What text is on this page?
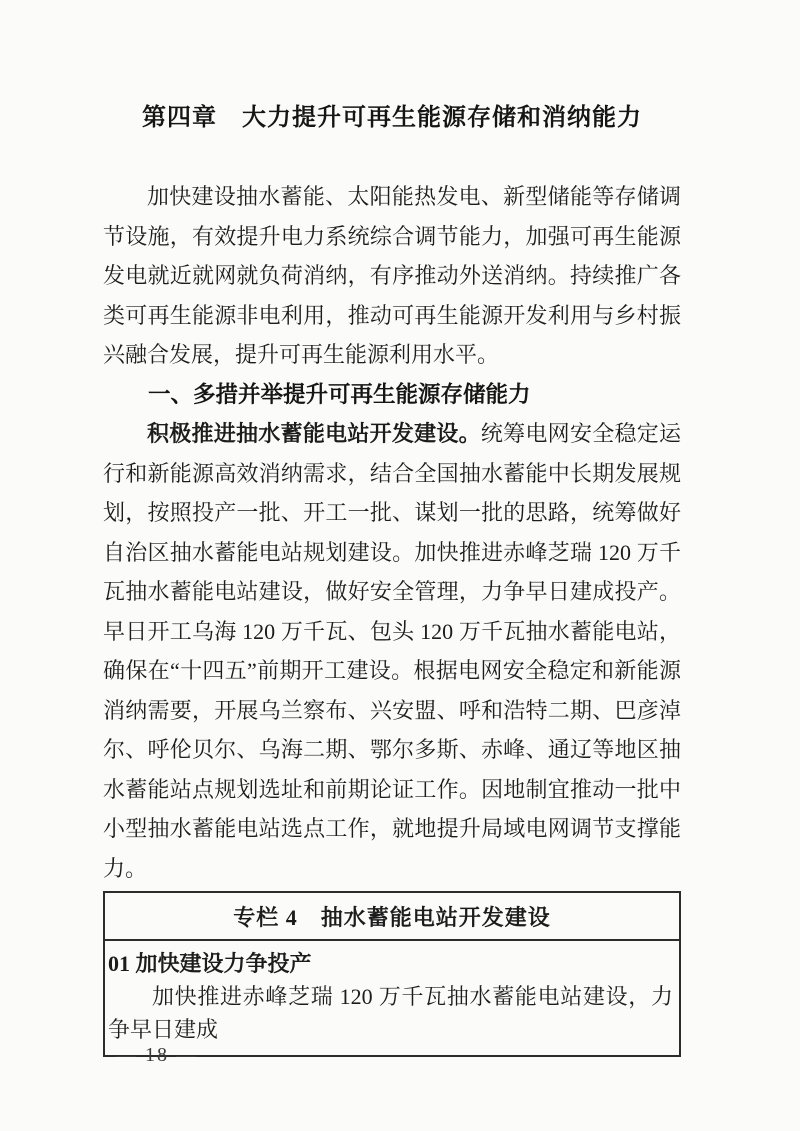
第四章　大力提升可再生能源存储和消纳能力

加快建设抽水蓄能、太阳能热发电、新型储能等存储调节设施，有效提升电力系统综合调节能力，加强可再生能源发电就近就网就负荷消纳，有序推动外送消纳。持续推广各类可再生能源非电利用，推动可再生能源开发利用与乡村振兴融合发展，提升可再生能源利用水平。

一、多措并举提升可再生能源存储能力

积极推进抽水蓄能电站开发建设。统筹电网安全稳定运行和新能源高效消纳需求，结合全国抽水蓄能中长期发展规划，按照投产一批、开工一批、谋划一批的思路，统筹做好自治区抽水蓄能电站规划建设。加快推进赤峰芝瑞 120 万千瓦抽水蓄能电站建设，做好安全管理，力争早日建成投产。早日开工乌海 120 万千瓦、包头 120 万千瓦抽水蓄能电站，确保在“十四五”前期开工建设。根据电网安全稳定和新能源消纳需要，开展乌兰察布、兴安盟、呼和浩特二期、巴彦淖尔、呼伦贝尔、乌海二期、鄂尔多斯、赤峰、通辽等地区抽水蓄能站点规划选址和前期论证工作。因地制宜推动一批中小型抽水蓄能电站选点工作，就地提升局域电网调节支撑能力。

专栏 4　抽水蓄能电站开发建设
01 加快建设力争投产
加快推进赤峰芝瑞 120 万千瓦抽水蓄能电站建设，力争早日建成
— 18 —
